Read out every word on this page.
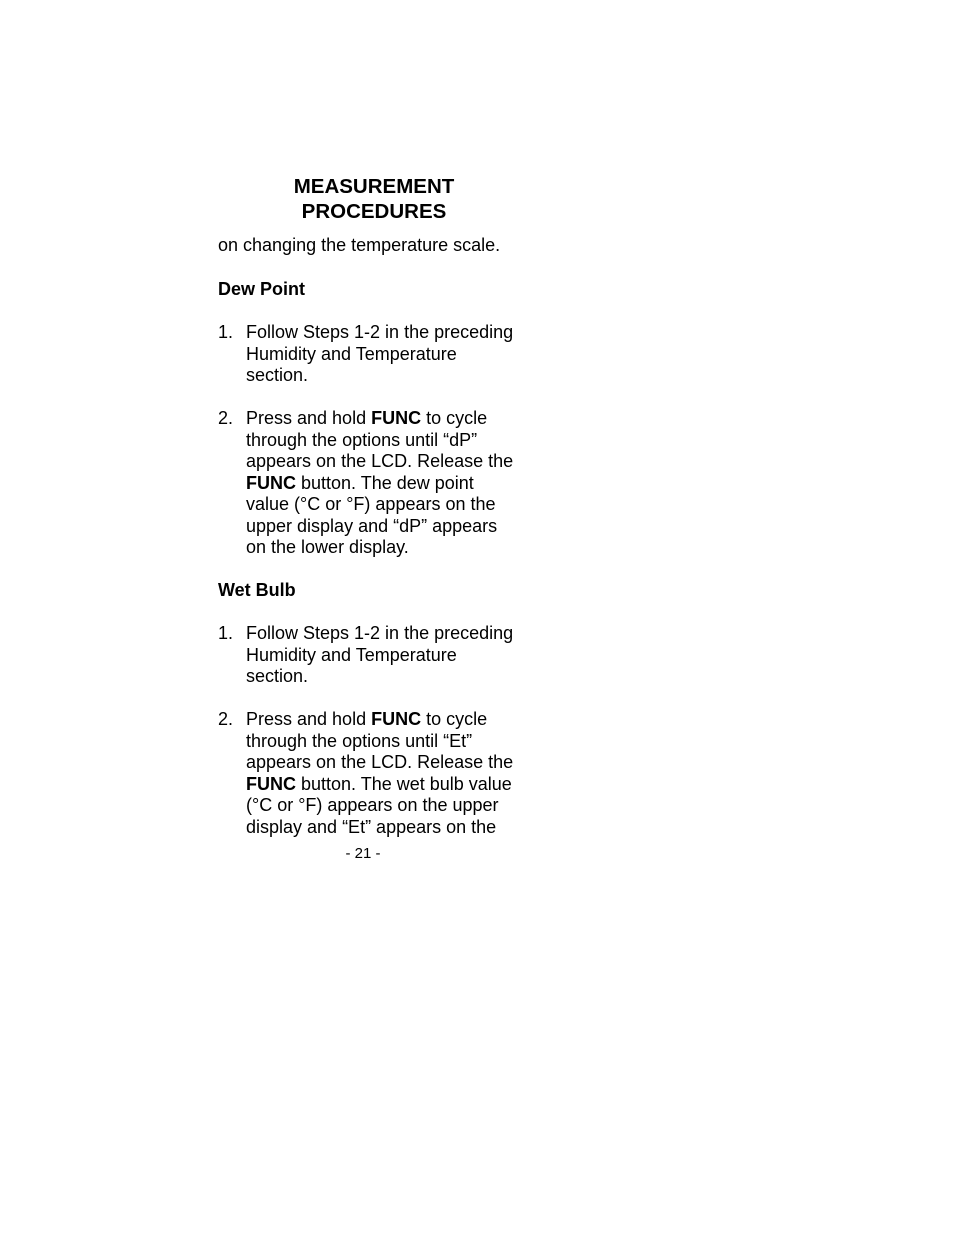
MEASUREMENT
PROCEDURES

on changing the temperature scale.

Dew Point

1. Follow Steps 1-2 in the preceding

Humidity and Temperature

section.

2. Press and hold FUNC to cycle

through the options until “dP”

appears on the LCD. Release the

FUNC button. The dew point

value (°C or °F) appears on the

upper display and “dP” appears

on the lower display.

Wet Bulb

1. Follow Steps 1-2 in the preceding

Humidity and Temperature

section.

2. Press and hold FUNC to cycle

through the options until “Et”

appears on the LCD. Release the

FUNC button. The wet bulb value

(°C or °F) appears on the upper

display and “Et” appears on the

- 21 -
